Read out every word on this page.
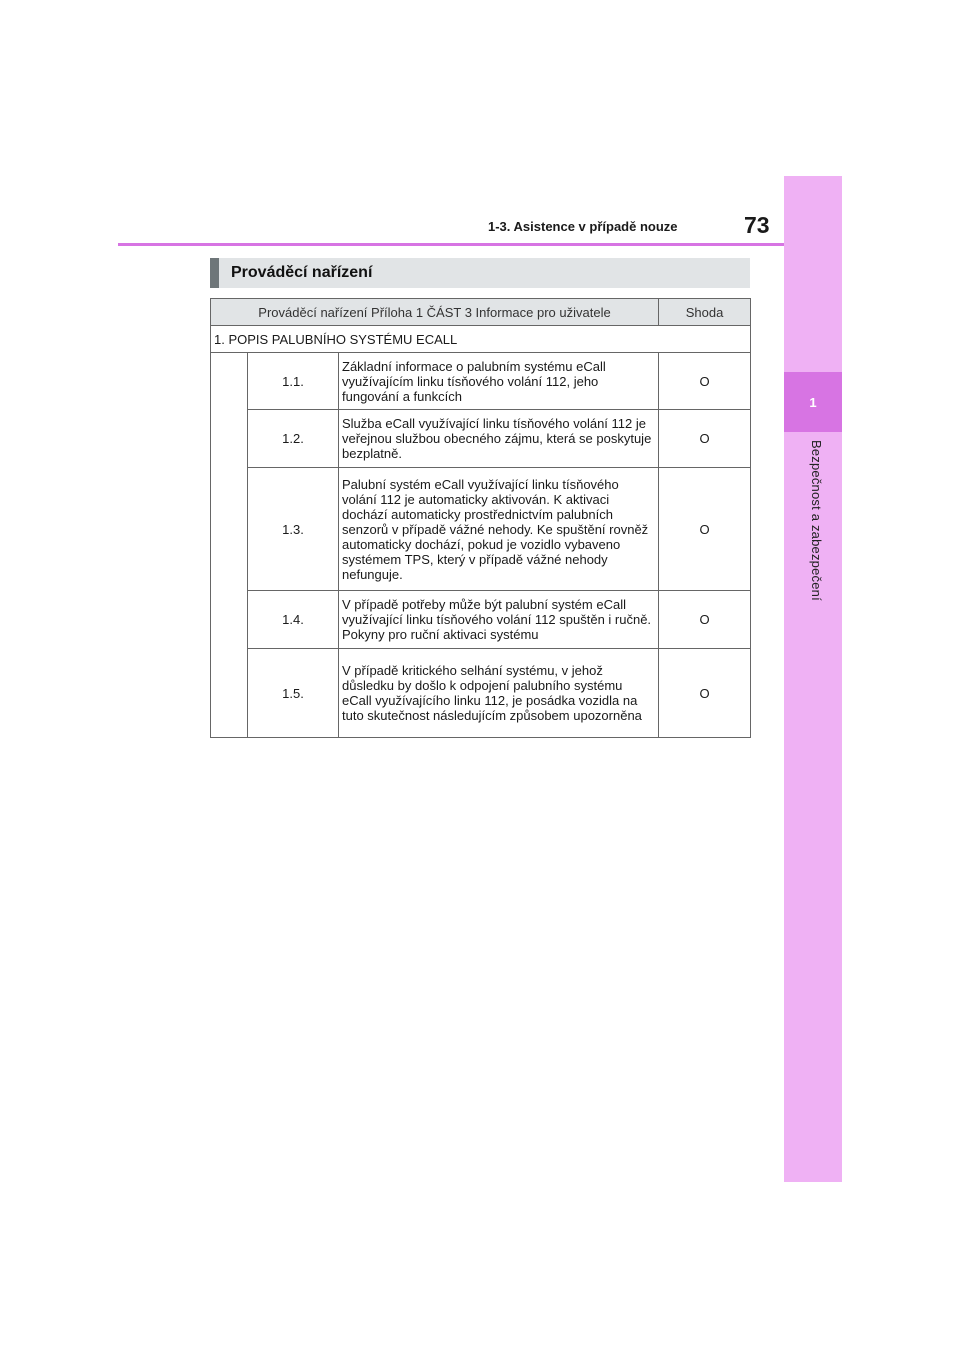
1
Bezpečnost a zabezpečení
1-3. Asistence v případě nouze	73
Prováděcí nařízení
Prováděcí nařízení Příloha 1 ČÁST 3 Informace pro uživatele			Shoda
1. POPIS PALUBNÍHO SYSTÉMU ECALL			
	1.1.	Základní informace o palubním systému eCall využívajícím linku tísňového volání 112, jeho fungování a funkcích	O
	1.2.	Služba eCall využívající linku tísňového volání 112 je veřejnou službou obecného zájmu, která se poskytuje bezplatně.	O
	1.3.	Palubní systém eCall využívající linku tísňového volání 112 je automaticky aktivován. K aktivaci dochází automaticky prostřednictvím palubních senzorů v případě vážné nehody. Ke spuštění rovněž automaticky dochází, pokud je vozidlo vybaveno systémem TPS, který v případě vážné nehody nefunguje.	O
	1.4.	V případě potřeby může být palubní systém eCall využívající linku tísňového volání 112 spuštěn i ručně. Pokyny pro ruční aktivaci systému	O
	1.5.	V případě kritického selhání systému, v jehož důsledku by došlo k odpojení palubního systému eCall využívajícího linku 112, je posádka vozidla na tuto skutečnost následujícím způsobem upozorněna	O
